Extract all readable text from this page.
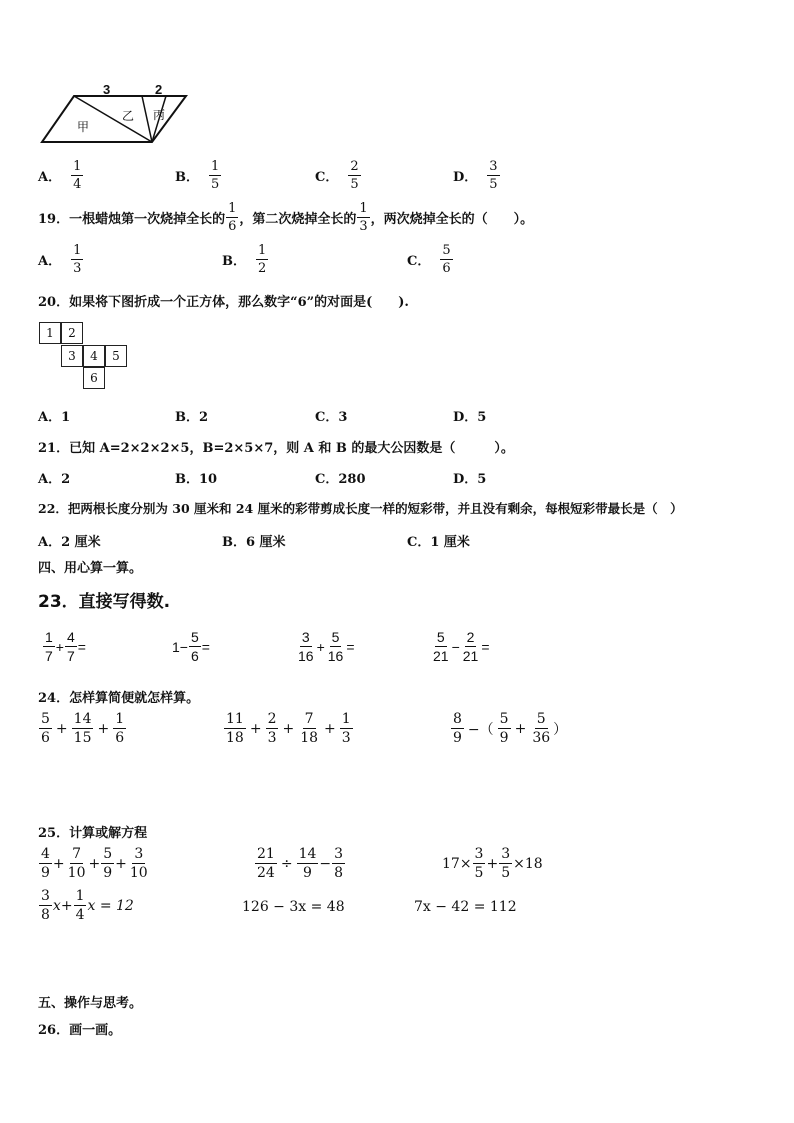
3	2
甲
乙 丙
A． $\frac{1}{4}$	B． $\frac{1}{5}$	C． $\frac{2}{5}$	D． $\frac{3}{5}$
19．一根蜡烛第一次烧掉全长的 $\frac{1}{6}$ ，第二次烧掉全长的 $\frac{1}{3}$ ，两次烧掉全长的（　　）。
A． $\frac{1}{3}$	B． $\frac{1}{2}$	C． $\frac{5}{6}$
20．如果将下图折成一个正方体，那么数字“6”的对面是(　　).
1	2
3	4	5
6
A．1	B．2	C．3	D．5
21．已知 A=2×2×2×5，B=2×5×7，则 A 和 B 的最大公因数是（　　　）。
A．2	B．10	C．280	D．5
22．把两根长度分别为 30 厘米和 24 厘米的彩带剪成长度一样的短彩带，并且没有剩余，每根短彩带最长是（　）
A．2 厘米	B．6 厘米	C．1 厘米
四、用心算一算。
23．直接写得数.
$\frac{1}{7} + \frac{4}{7}$ =	$1- \frac{5}{6}$ =	$\frac{3}{16} + \frac{5}{16}$ =	$\frac{5}{21} - \frac{2}{21}$ =
24．怎样算简便就怎样算。
$\frac{5}{6} + \frac{14}{15} + \frac{1}{6}$	$\frac{11}{18} + \frac{2}{3} + \frac{7}{18} + \frac{1}{3}$	$\frac{8}{9}$ −（ $\frac{5}{9} + \frac{5}{36}$ ）
25．计算或解方程
$\frac{4}{9} + \frac{7}{10} + \frac{5}{9} + \frac{3}{10}$	$\frac{21}{24} \div \frac{14}{9} - \frac{3}{8}$	$17\times \frac{3}{5} + \frac{3}{5} \times 18$
$\frac{3}{8} x+ \frac{1}{4}$ x = 12	126 − 3x = 48	7x − 42 = 112
五、操作与思考。
26．画一画。
